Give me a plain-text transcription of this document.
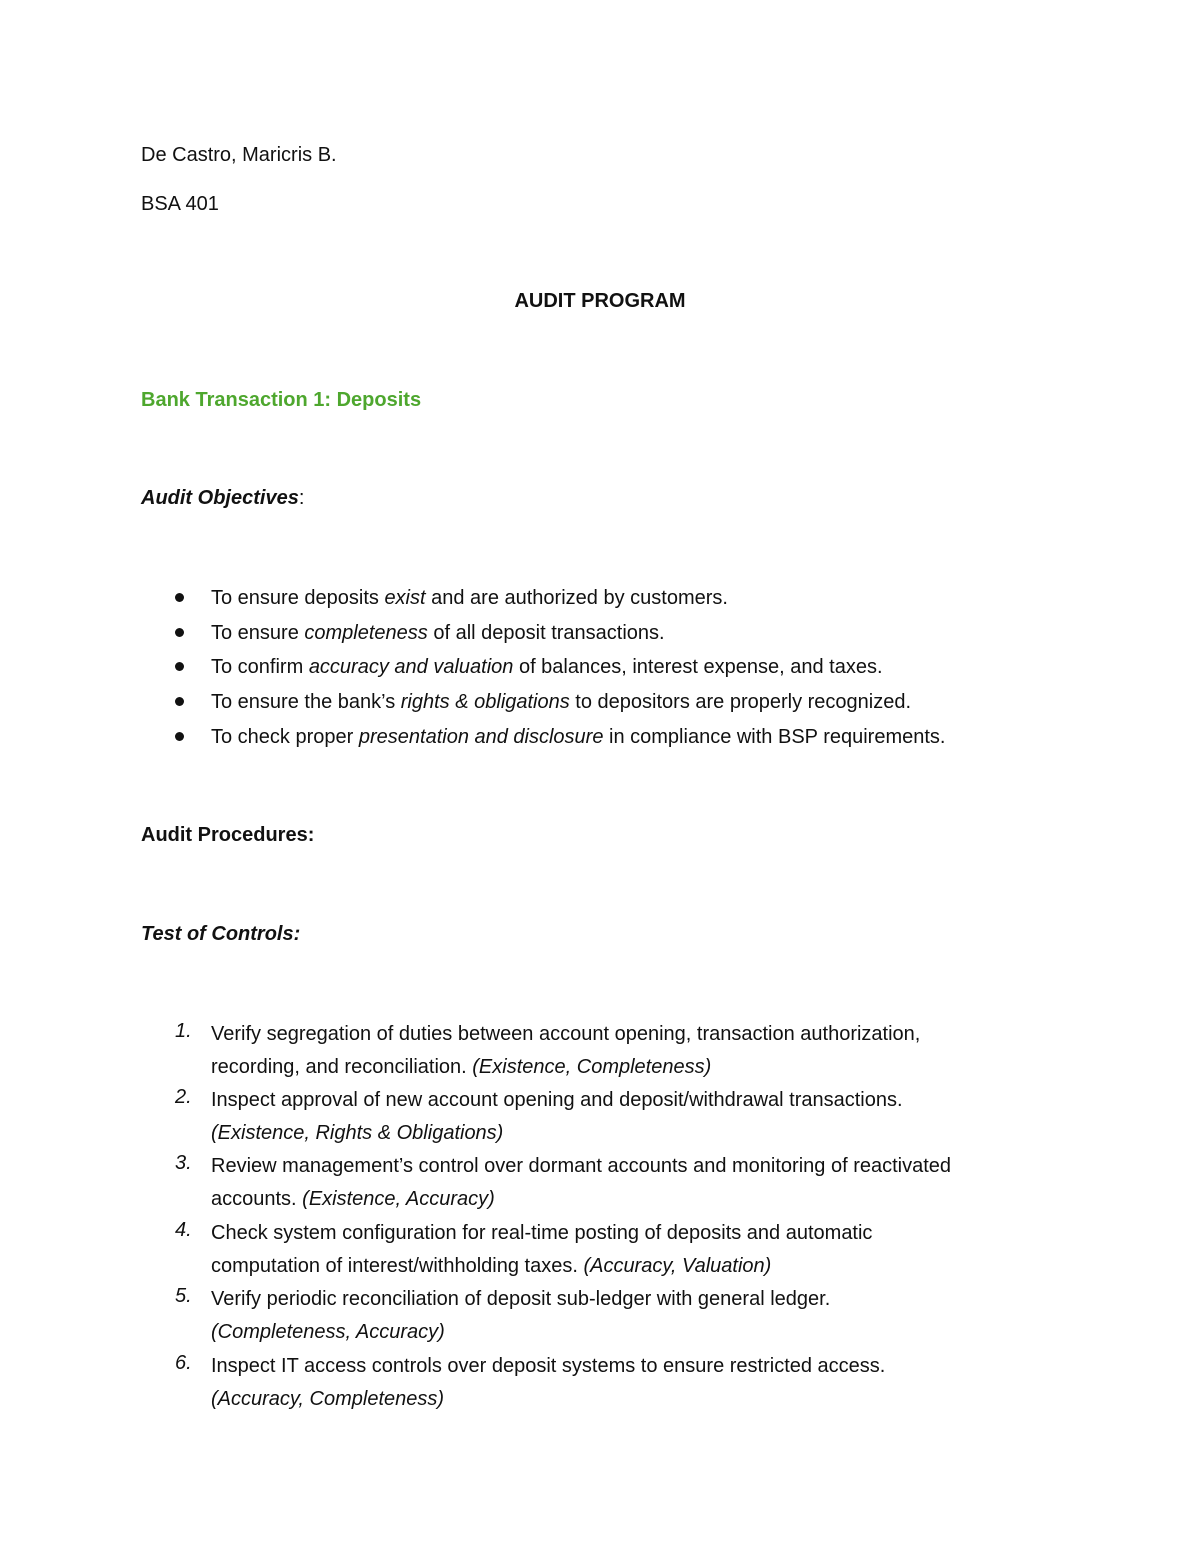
De Castro, Maricris B.
BSA 401
AUDIT PROGRAM
Bank Transaction 1: Deposits
Audit Objectives:
To ensure deposits exist and are authorized by customers.
To ensure completeness of all deposit transactions.
To confirm accuracy and valuation of balances, interest expense, and taxes.
To ensure the bank’s rights & obligations to depositors are properly recognized.
To check proper presentation and disclosure in compliance with BSP requirements.
Audit Procedures:
Test of Controls:
1. Verify segregation of duties between account opening, transaction authorization,
recording, and reconciliation. (Existence, Completeness)
2. Inspect approval of new account opening and deposit/withdrawal transactions.
(Existence, Rights & Obligations)
3. Review management’s control over dormant accounts and monitoring of reactivated
accounts. (Existence, Accuracy)
4. Check system configuration for real-time posting of deposits and automatic
computation of interest/withholding taxes. (Accuracy, Valuation)
5. Verify periodic reconciliation of deposit sub-ledger with general ledger.
(Completeness, Accuracy)
6. Inspect IT access controls over deposit systems to ensure restricted access.
(Accuracy, Completeness)
